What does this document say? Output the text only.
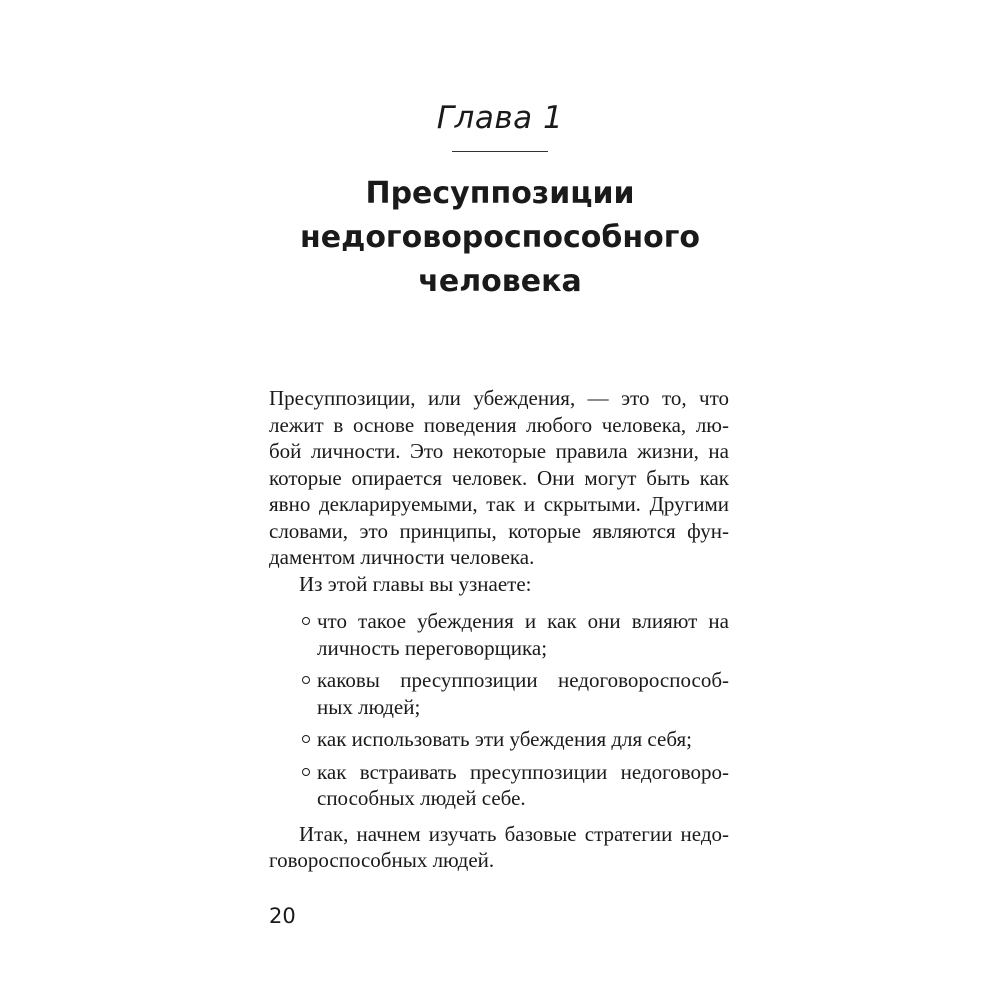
Глава 1
Пресуппозиции
недоговороспособного
человека

Пресуппозиции, или убеждения, — это то, что
лежит в основе поведения любого человека, лю-
бой личности. Это некоторые правила жизни, на
которые опирается человек. Они могут быть как
явно декларируемыми, так и скрытыми. Другими
словами, это принципы, которые являются фун-
даментом личности человека.

Из этой главы вы узнаете:

что такое убеждения и как они влияют на
личность переговорщика;
каковы пресуппозиции недоговороспособ-
ных людей;
как использовать эти убеждения для себя;
как встраивать пресуппозиции недоговоро-
способных людей себе.

Итак, начнем изучать базовые стратегии недо-
говороспособных людей.

20
